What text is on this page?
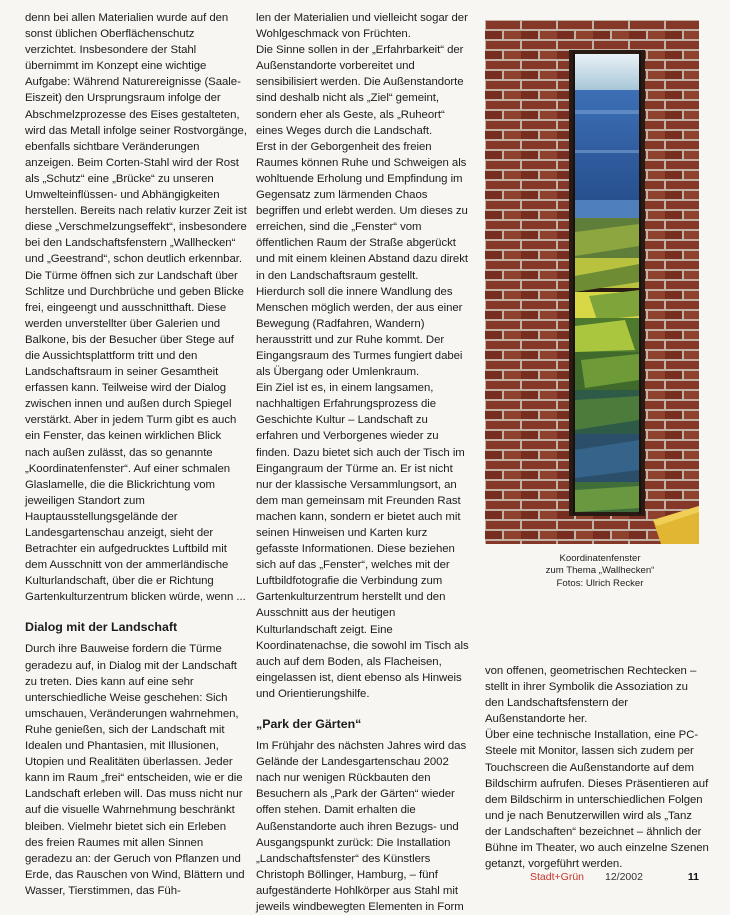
denn bei allen Materialien wurde auf den sonst üblichen Oberflächenschutz verzichtet. Insbesondere der Stahl übernimmt im Konzept eine wichtige Aufgabe: Während Naturereignisse (Saale-Eiszeit) den Ursprungsraum infolge der Abschmelzprozesse des Eises gestalteten, wird das Metall infolge seiner Rostvorgänge, ebenfalls sichtbare Veränderungen anzeigen. Beim Corten-Stahl wird der Rost als „Schutz“ eine „Brücke“ zu unseren Umwelteinflüssen- und Abhängigkeiten herstellen. Bereits nach relativ kurzer Zeit ist diese „Verschmelzungseffekt“, insbesondere bei den Landschaftsfenstern „Wallhecken“ und „Geestrand“, schon deutlich erkennbar. Die Türme öffnen sich zur Landschaft über Schlitze und Durchbrüche und geben Blicke frei, eingeengt und ausschnitthaft. Diese werden unverstellter über Galerien und Balkone, bis der Besucher über Stege auf die Aussichtsplattform tritt und den Landschaftsraum in seiner Gesamtheit erfassen kann. Teilweise wird der Dialog zwischen innen und außen durch Spiegel verstärkt. Aber in jedem Turm gibt es auch ein Fenster, das keinen wirklichen Blick nach außen zulässt, das so genannte „Koordinatenfenster“. Auf einer schmalen Glaslamelle, die die Blickrichtung vom jeweiligen Standort zum Hauptausstellungsgelände der Landesgartenschau anzeigt, sieht der Betrachter ein aufgedrucktes Luftbild mit dem Ausschnitt von der ammerländische Kulturlandschaft, über die er Richtung Gartenkulturzentrum blicken würde, wenn ...

Dialog mit der Landschaft

Durch ihre Bauweise fordern die Türme geradezu auf, in Dialog mit der Landschaft zu treten. Dies kann auf eine sehr unterschiedliche Weise geschehen: Sich umschauen, Veränderungen wahrnehmen, Ruhe genießen, sich der Landschaft mit Idealen und Phantasien, mit Illusionen, Utopien und Realitäten überlassen. Jeder kann im Raum „frei“ entscheiden, wie er die Landschaft erleben will. Das muss nicht nur auf die visuelle Wahrnehmung beschränkt bleiben. Vielmehr bietet sich ein Erleben des freien Raumes mit allen Sinnen geradezu an: der Geruch von Pflanzen und Erde, das Rauschen von Wind, Blättern und Wasser, Tierstimmen, das Füh-

len der Materialien und vielleicht sogar der Wohlgeschmack von Früchten.

Die Sinne sollen in der „Erfahrbarkeit“ der Außenstandorte vorbereitet und sensibilisiert werden. Die Außenstandorte sind deshalb nicht als „Ziel“ gemeint, sondern eher als Geste, als „Ruheort“ eines Weges durch die Landschaft.

Erst in der Geborgenheit des freien Raumes können Ruhe und Schweigen als wohltuende Erholung und Empfindung im Gegensatz zum lärmenden Chaos begriffen und erlebt werden. Um dieses zu erreichen, sind die „Fenster“ vom öffentlichen Raum der Straße abgerückt und mit einem kleinen Abstand dazu direkt in den Landschaftsraum gestellt. Hierdurch soll die innere Wandlung des Menschen möglich werden, der aus einer Bewegung (Radfahren, Wandern) herausstritt und zur Ruhe kommt. Der Eingangsraum des Turmes fungiert dabei als Übergang oder Umlenkraum.

Ein Ziel ist es, in einem langsamen, nachhaltigen Erfahrungsprozess die Geschichte Kultur – Landschaft zu erfahren und Verborgenes wieder zu finden. Dazu bietet sich auch der Tisch im Eingangraum der Türme an. Er ist nicht nur der klassische Versammlungsort, an dem man gemeinsam mit Freunden Rast machen kann, sondern er bietet auch mit seinen Hinweisen und Karten kurz gefasste Informationen. Diese beziehen sich auf das „Fenster“, welches mit der Luftbildfotografie die Verbindung zum Gartenkulturzentrum herstellt und den Ausschnitt aus der heutigen Kulturlandschaft zeigt. Eine Koordinatenachse, die sowohl im Tisch als auch auf dem Boden, als Flacheisen, eingelassen ist, dient ebenso als Hinweis und Orientierungshilfe.

„Park der Gärten“

Im Frühjahr des nächsten Jahres wird das Gelände der Landesgartenschau 2002 nach nur wenigen Rückbauten den Besuchern als „Park der Gärten“ wieder offen stehen. Damit erhalten die Außenstandorte auch ihren Bezugs- und Ausgangspunkt zurück: Die Installation „Landschaftsfenster“ des Künstlers Christoph Böllinger, Hamburg, – fünf aufgeständerte Hohlkörper aus Stahl mit jeweils windbewegten Elementen in Form

von offenen, geometrischen Rechtecken – stellt in ihrer Symbolik die Assoziation zu den Landschaftsfenstern der Außenstandorte her.

Über eine technische Installation, eine PC-Steele mit Monitor, lassen sich zudem per Touchscreen die Außenstandorte auf dem Bildschirm aufrufen. Dieses Präsentieren auf dem Bildschirm in unterschiedlichen Folgen und je nach Benutzerwillen wird als „Tanz der Landschaften“ bezeichnet – ähnlich der Bühne im Theater, wo auch einzelne Szenen getanzt, vorgeführt werden.

Koordinatenfenster
zum Thema „Wallhecken“
Fotos: Ulrich Recker
Stadt+Grün 12/2002	11
